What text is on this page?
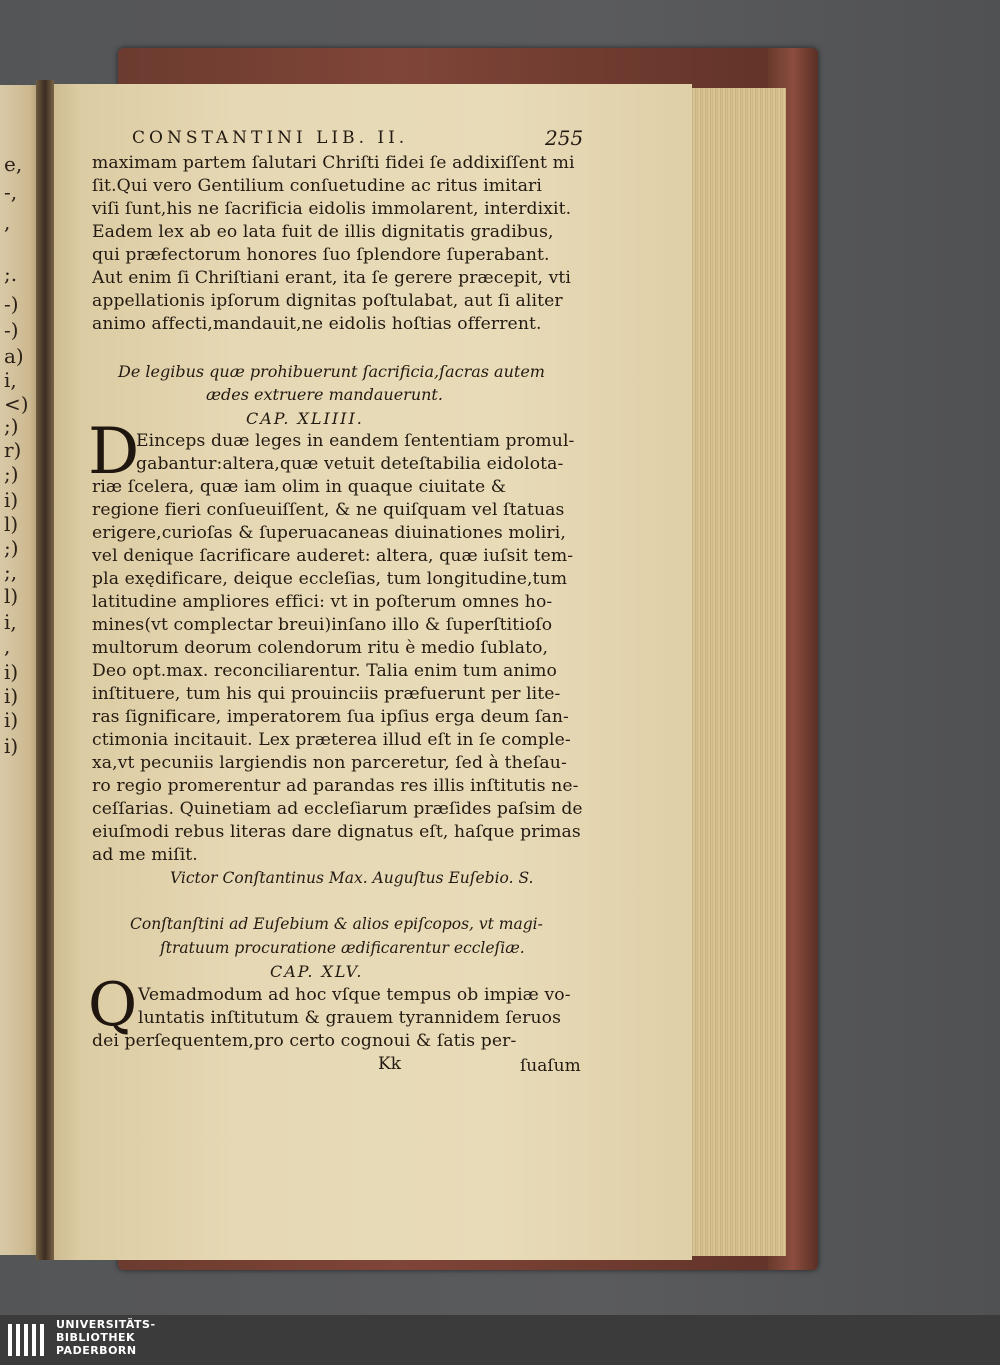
e,
-,
,
;.
-)
-)
a)
i,
<)
;)
r)
;)
i)
l)
;)
;,
l)
i,
,
i)
i)
i)
i)
CONSTANTINI LIB. II.	255
maximam partem ſalutari Chriſti fidei ſe addixiſſent mi
ſit.Qui vero Gentilium conſuetudine ac ritus imitari
viſi ſunt,his ne ſacrificia eidolis immolarent, interdixit.
Eadem lex ab eo lata fuit de illis dignitatis gradibus,
qui præfectorum honores ſuo ſplendore ſuperabant.
Aut enim ſi Chriſtiani erant, ita ſe gerere præcepit, vti
appellationis ipſorum dignitas poſtulabat, aut ſi aliter
animo affecti,mandauit,ne eidolis hoſtias offerrent.
De legibus quæ prohibuerunt ſacrificia,ſacras autem
ædes extruere mandauerunt.
CAP. XLIIII.
D
Einceps duæ leges in eandem ſententiam promul-
gabantur:altera,quæ vetuit deteſtabilia eidolota-
riæ ſcelera, quæ iam olim in quaque ciuitate &
regione fieri conſueuiſſent, & ne quiſquam vel ſtatuas
erigere,curioſas & ſuperuacaneas diuinationes moliri,
vel denique ſacrificare auderet: altera, quæ iuſsit tem-
pla exędificare, deique eccleſias, tum longitudine,tum
latitudine ampliores effici: vt in poſterum omnes ho-
mines(vt complectar breui)inſano illo & ſuperſtitioſo
multorum deorum colendorum ritu è medio ſublato,
Deo opt.max. reconciliarentur. Talia enim tum animo
inſtituere, tum his qui prouinciis præfuerunt per lite-
ras ſignificare, imperatorem ſua ipſius erga deum ſan-
ctimonia incitauit. Lex præterea illud eſt in ſe comple-
xa,vt pecuniis largiendis non parceretur, ſed à theſau-
ro regio promerentur ad parandas res illis inſtitutis ne-
ceſſarias. Quinetiam ad eccleſiarum præſides paſsim de
eiuſmodi rebus literas dare dignatus eſt, haſque primas
ad me miſit.
Victor Conſtantinus Max. Auguſtus Euſebio. S.
Conſtanſtini ad Euſebium & alios epiſcopos, vt magi-
ſtratuum procuratione ædificarentur eccleſiæ.
CAP. XLV.
Q Vemadmodum ad hoc vſque tempus ob impiæ vo-
luntatis inſtitutum & grauem tyrannidem ſeruos
dei perſequentem,pro certo cognoui & ſatis per-
Kk	ſuaſum
UNIVERSITÄTS-
BIBLIOTHEK
PADERBORN
